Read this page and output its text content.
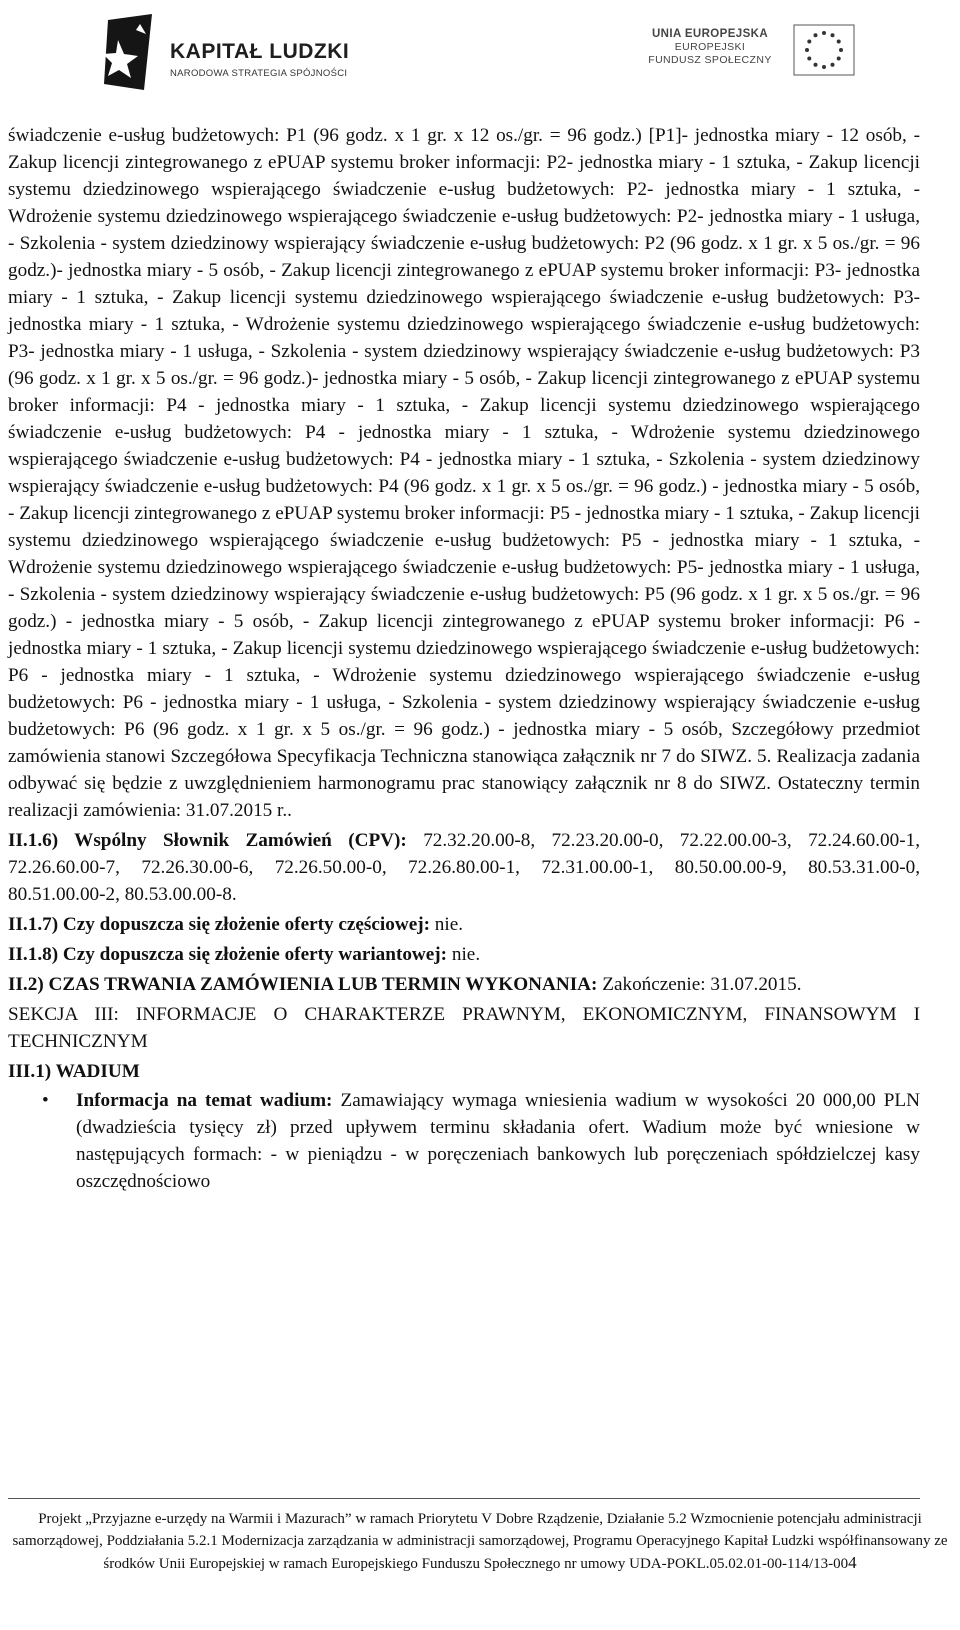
KAPITAŁ LUDZKI
NARODOWA STRATEGIA SPÓJNOŚCI
UNIA EUROPEJSKA
EUROPEJSKI
FUNDUSZ SPOŁECZNY

świadczenie e-usług budżetowych: P1 (96 godz. x 1 gr. x 12 os./gr. = 96 godz.) [P1]- jednostka miary - 12 osób, - Zakup licencji zintegrowanego z ePUAP systemu broker informacji: P2- jednostka miary - 1 sztuka, - Zakup licencji systemu dziedzinowego wspierającego świadczenie e-usług budżetowych: P2- jednostka miary - 1 sztuka, - Wdrożenie systemu dziedzinowego wspierającego świadczenie e-usług budżetowych: P2- jednostka miary - 1 usługa, - Szkolenia - system dziedzinowy wspierający świadczenie e-usług budżetowych: P2 (96 godz. x 1 gr. x 5 os./gr. = 96 godz.)- jednostka miary - 5 osób, - Zakup licencji zintegrowanego z ePUAP systemu broker informacji: P3- jednostka miary - 1 sztuka, - Zakup licencji systemu dziedzinowego wspierającego świadczenie e-usług budżetowych: P3- jednostka miary - 1 sztuka, - Wdrożenie systemu dziedzinowego wspierającego świadczenie e-usług budżetowych: P3- jednostka miary - 1 usługa, - Szkolenia - system dziedzinowy wspierający świadczenie e-usług budżetowych: P3 (96 godz. x 1 gr. x 5 os./gr. = 96 godz.)- jednostka miary - 5 osób, - Zakup licencji zintegrowanego z ePUAP systemu broker informacji: P4 - jednostka miary - 1 sztuka, - Zakup licencji systemu dziedzinowego wspierającego świadczenie e-usług budżetowych: P4 - jednostka miary - 1 sztuka, - Wdrożenie systemu dziedzinowego wspierającego świadczenie e-usług budżetowych: P4 - jednostka miary - 1 sztuka, - Szkolenia - system dziedzinowy wspierający świadczenie e-usług budżetowych: P4 (96 godz. x 1 gr. x 5 os./gr. = 96 godz.) - jednostka miary - 5 osób, - Zakup licencji zintegrowanego z ePUAP systemu broker informacji: P5 - jednostka miary - 1 sztuka, - Zakup licencji systemu dziedzinowego wspierającego świadczenie e-usług budżetowych: P5 - jednostka miary - 1 sztuka, - Wdrożenie systemu dziedzinowego wspierającego świadczenie e-usług budżetowych: P5- jednostka miary - 1 usługa, - Szkolenia - system dziedzinowy wspierający świadczenie e-usług budżetowych: P5 (96 godz. x 1 gr. x 5 os./gr. = 96 godz.) - jednostka miary - 5 osób, - Zakup licencji zintegrowanego z ePUAP systemu broker informacji: P6 - jednostka miary - 1 sztuka, - Zakup licencji systemu dziedzinowego wspierającego świadczenie e-usług budżetowych: P6 - jednostka miary - 1 sztuka, - Wdrożenie systemu dziedzinowego wspierającego świadczenie e-usług budżetowych: P6 - jednostka miary - 1 usługa, - Szkolenia - system dziedzinowy wspierający świadczenie e-usług budżetowych: P6 (96 godz. x 1 gr. x 5 os./gr. = 96 godz.) - jednostka miary - 5 osób, Szczegółowy przedmiot zamówienia stanowi Szczegółowa Specyfikacja Techniczna stanowiąca załącznik nr 7 do SIWZ. 5. Realizacja zadania odbywać się będzie z uwzględnieniem harmonogramu prac stanowiący załącznik nr 8 do SIWZ. Ostateczny termin realizacji zamówienia: 31.07.2015 r..

II.1.6) Wspólny Słownik Zamówień (CPV): 72.32.20.00-8, 72.23.20.00-0, 72.22.00.00-3, 72.24.60.00-1, 72.26.60.00-7, 72.26.30.00-6, 72.26.50.00-0, 72.26.80.00-1, 72.31.00.00-1, 80.50.00.00-9, 80.53.31.00-0, 80.51.00.00-2, 80.53.00.00-8.

II.1.7) Czy dopuszcza się złożenie oferty częściowej: nie.

II.1.8) Czy dopuszcza się złożenie oferty wariantowej: nie.

II.2) CZAS TRWANIA ZAMÓWIENIA LUB TERMIN WYKONANIA: Zakończenie: 31.07.2015.

SEKCJA III: INFORMACJE O CHARAKTERZE PRAWNYM, EKONOMICZNYM, FINANSOWYM I TECHNICZNYM

III.1) WADIUM

• Informacja na temat wadium: Zamawiający wymaga wniesienia wadium w wysokości 20 000,00 PLN (dwadzieścia tysięcy zł) przed upływem terminu składania ofert. Wadium może być wniesione w następujących formach: - w pieniądzu - w poręczeniach bankowych lub poręczeniach spółdzielczej kasy oszczędnościowo
Projekt „Przyjazne e-urzędy na Warmii i Mazurach” w ramach Priorytetu V Dobre Rządzenie, Działanie 5.2 Wzmocnienie potencjału administracji samorządowej, Poddziałania 5.2.1 Modernizacja zarządzania w administracji samorządowej, Programu Operacyjnego Kapitał Ludzki współfinansowany ze środków Unii Europejskiej w ramach Europejskiego Funduszu Społecznego nr umowy UDA-POKL.05.02.01-00-114/13-004
